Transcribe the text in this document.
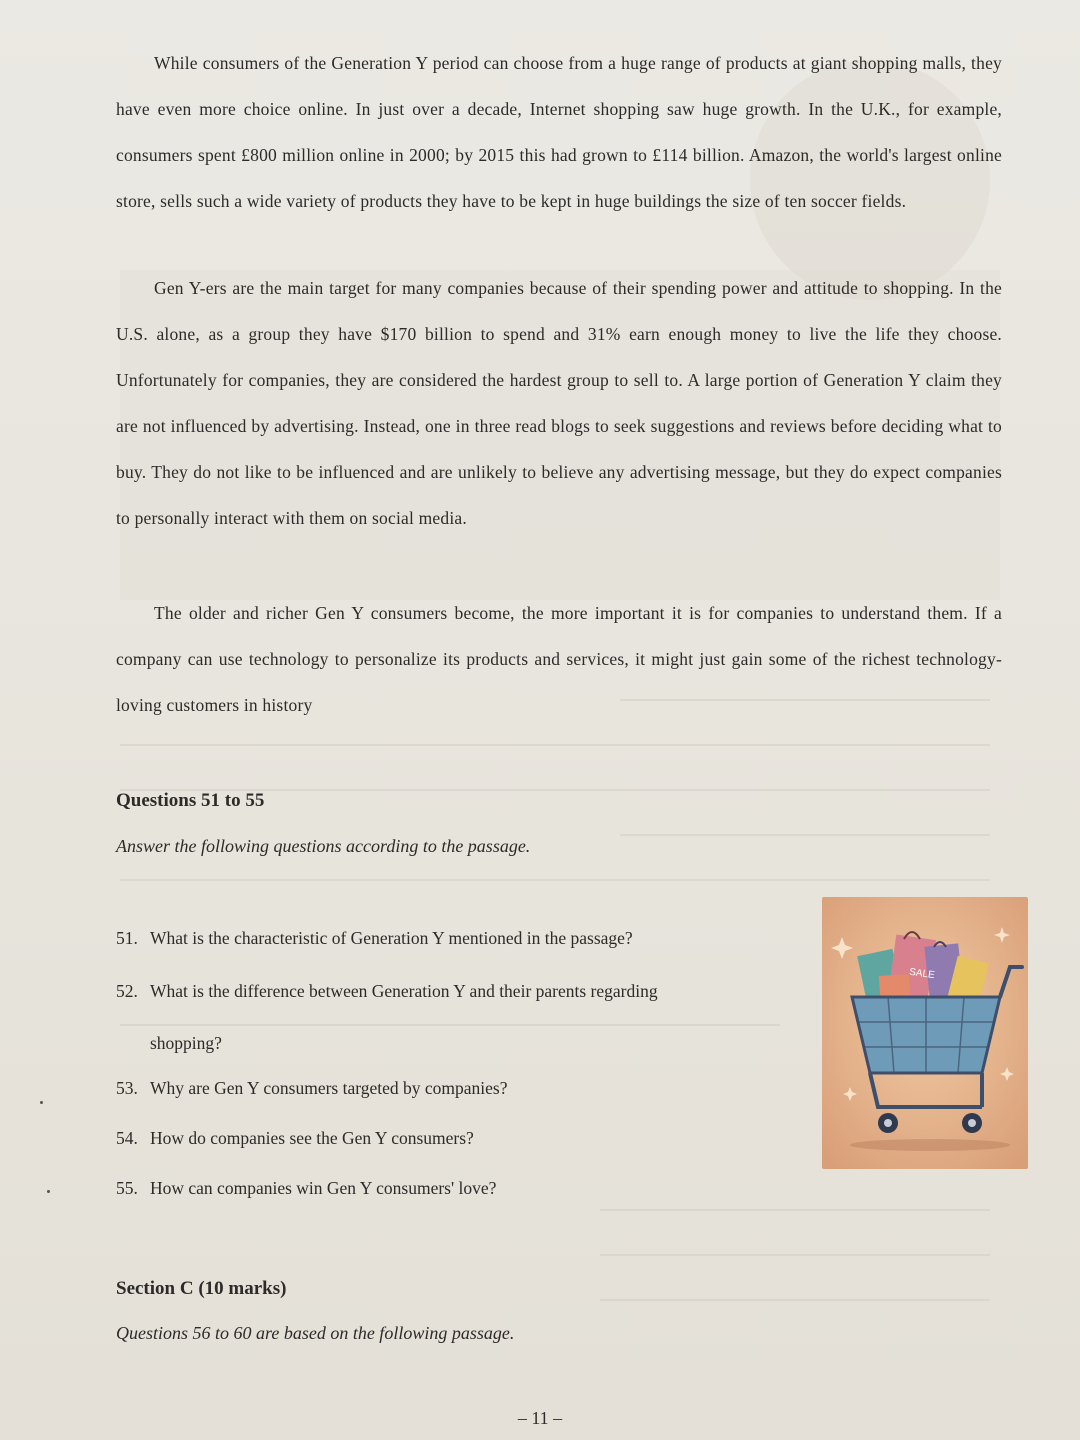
While consumers of the Generation Y period can choose from a huge range of products at giant shopping malls, they have even more choice online. In just over a decade, Internet shopping saw huge growth. In the U.K., for example, consumers spent £800 million online in 2000; by 2015 this had grown to £114 billion. Amazon, the world's largest online store, sells such a wide variety of products they have to be kept in huge buildings the size of ten soccer fields.

Gen Y-ers are the main target for many companies because of their spending power and attitude to shopping. In the U.S. alone, as a group they have $170 billion to spend and 31% earn enough money to live the life they choose. Unfortunately for companies, they are considered the hardest group to sell to. A large portion of Generation Y claim they are not influenced by advertising. Instead, one in three read blogs to seek suggestions and reviews before deciding what to buy. They do not like to be influenced and are unlikely to believe any advertising message, but they do expect companies to personally interact with them on social media.

The older and richer Gen Y consumers become, the more important it is for companies to understand them. If a company can use technology to personalize its products and services, it might just gain some of the richest technology-loving customers in history

Questions 51 to 55
Answer the following questions according to the passage.

51. What is the characteristic of Generation Y mentioned in the passage?

52. What is the difference between Generation Y and their parents regarding

shopping?

53. Why are Gen Y consumers targeted by companies?

54. How do companies see the Gen Y consumers?

55. How can companies win Gen Y consumers' love?

SALE
Section C (10 marks)
Questions 56 to 60 are based on the following passage.
– 11 –
